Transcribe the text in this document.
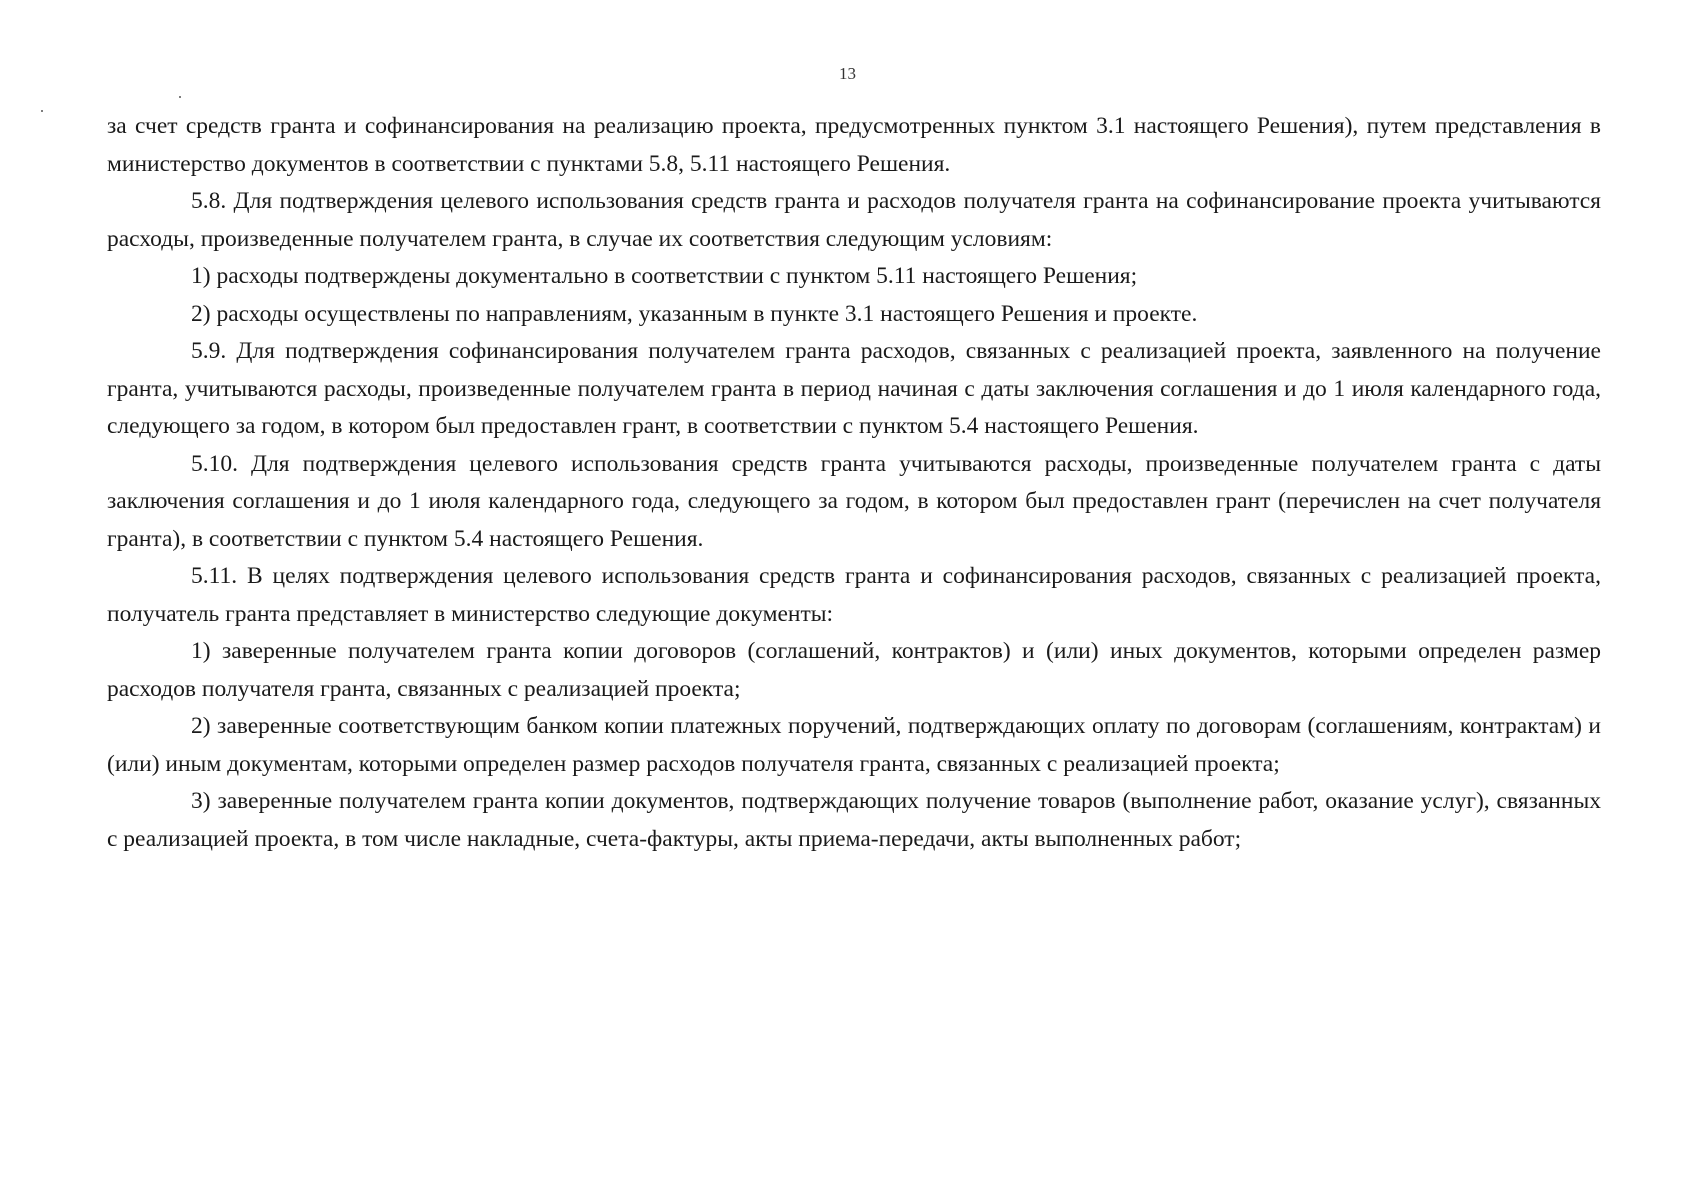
13

за счет средств гранта и софинансирования на реализацию проекта, предусмотренных пунктом 3.1 настоящего Решения), путем представления в министерство документов в соответствии с пунктами 5.8, 5.11 настоящего Решения.

5.8. Для подтверждения целевого использования средств гранта и расходов получателя гранта на софинансирование проекта учитываются расходы, произведенные получателем гранта, в случае их соответствия следующим условиям:

1) расходы подтверждены документально в соответствии с пунктом 5.11 настоящего Решения;

2) расходы осуществлены по направлениям, указанным в пункте 3.1 настоящего Решения и проекте.

5.9. Для подтверждения софинансирования получателем гранта расходов, связанных с реализацией проекта, заявленного на получение гранта, учитываются расходы, произведенные получателем гранта в период начиная с даты заключения соглашения и до 1 июля календарного года, следующего за годом, в котором был предоставлен грант, в соответствии с пунктом 5.4 настоящего Решения.

5.10. Для подтверждения целевого использования средств гранта учитываются расходы, произведенные получателем гранта с даты заключения соглашения и до 1 июля календарного года, следующего за годом, в котором был предоставлен грант (перечислен на счет получателя гранта), в соответствии с пунктом 5.4 настоящего Решения.

5.11. В целях подтверждения целевого использования средств гранта и софинансирования расходов, связанных с реализацией проекта, получатель гранта представляет в министерство следующие документы:

1) заверенные получателем гранта копии договоров (соглашений, контрактов) и (или) иных документов, которыми определен размер расходов получателя гранта, связанных с реализацией проекта;

2) заверенные соответствующим банком копии платежных поручений, подтверждающих оплату по договорам (соглашениям, контрактам) и (или) иным документам, которыми определен размер расходов получателя гранта, связанных с реализацией проекта;

3) заверенные получателем гранта копии документов, подтверждающих получение товаров (выполнение работ, оказание услуг), связанных с реализацией проекта, в том числе накладные, счета-фактуры, акты приема-передачи, акты выполненных работ;
